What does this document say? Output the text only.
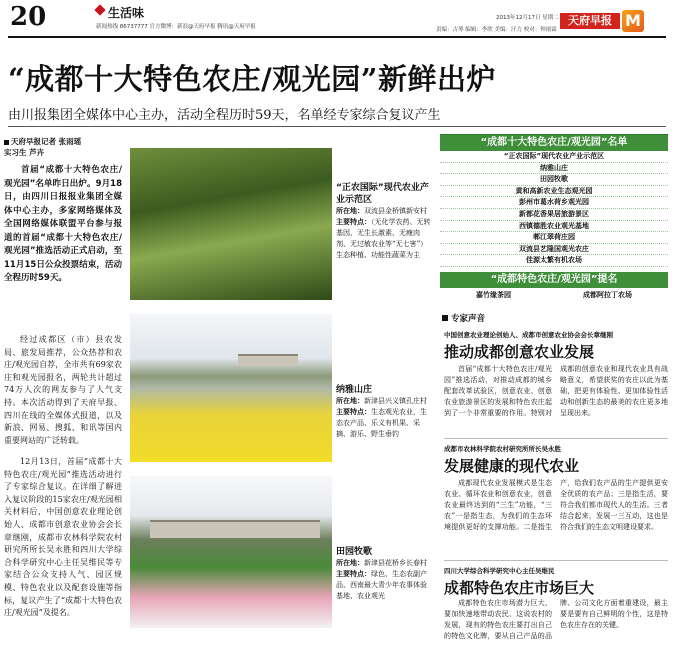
20	生活味
新闻热线 86737777 官方微博：新浪@天府早报 腾讯@天府早报
2013年12月17日 星期二
责编：古琴 编辑：李欣 美编：汗力 校对：钟雨霖
天府早报 M
“成都十大特色农庄/观光园”新鲜出炉
由川报集团全媒体中心主办，活动全程历时59天，名单经专家综合复议产生
天府早报记者 张雨瑶
实习生 芦卉
首届“成都十大特色农庄/观光园”名单昨日出炉。9月18日，由四川日报报业集团全媒体中心主办，多家网络媒体及全国网络媒体联盟平台参与报道的首届“成都十大特色农庄/观光园”推选活动正式启动，至11月15日公众投票结束，活动全程历时59天。
经过成都区（市）县农发局、旅发局推荐，公众热荐和农庄/观光园自荐，全市共有69家农庄和观光园报名，两轮共计超过74万人次的网友参与了人气支持。本次活动得到了天府早报、四川在线的全媒体式报道，以及新浪、网易、搜狐、和讯等国内重要网站的广泛转载。
12月13日，首届“成都十大特色农庄/观光园”推选活动进行了专家综合复议。在详细了解进入复议阶段的15家农庄/观光园相关材料后，中国创意农业理论创始人、成都市创意农业协会会长章继刚，成都市农林科学院农村研究所所长吴永胜和四川大学综合科学研究中心主任吴维民等专家结合公众支持人气、园区规模、特色农业以及配套设施等指标，复议产生了“成都十大特色农庄/观光园”及提名。
“正农国际”现代农业产业示范区
所在地：双流县金桥镇新安村
主要特点：（无化学农药、无转基因、无生长激素、无瘦肉剂、无过敏农业等“无七害”）生态种植、功能性蔬菜为主
纳雅山庄
所在地：新津县兴义镇孔庄村
主要特点：生态观光农业，生态农产品、乐义有机果、采摘、游乐、野生垂钓
田园牧歌
所在地：新津县花桥乡长春村
主要特点：绿色、生态农副产品、西南最大青少年农事体验基地、农业观光
“成都十大特色农庄/观光园”名单
“正农国际”现代农业产业示范区
纳雅山庄
田园牧歌
黄和高新农业生态观光园
彭州市葛水荷乡观光园
新都花香果居旅游景区
西镇德胜农业观光基地
郫江翠荷庄园
双流县艺隆国观光农庄
佳源太繁有机农场
“成都特色农庄/观光园”提名
嘉竹缘茶园	成都阿拉丁农场
专家声音
中国创意农业理论创始人、成都市创意农业协会会长章继刚
推动成都创意农业发展
首届“成都十大特色农庄/观光园”推选活动，对推动成都的城乡配套改革试验区，创意农业、创意农业旅游景区的发展和特色农庄起到了一个非常重要的作用。特别对成都的创意农业和现代农业具有战略意义，希望获奖的农庄以此为基础，把更有体验性、更加体验性活动和创新生态的最美的农庄更多地呈现出来。
成都市农林科学院农村研究所所长吴永胜
发展健康的现代农业
成都现代农业发展模式是生态农业、循环农业和创意农业，创意农业最终达到的“三生”功能，“三农”一是指生态，为我们的生态环境提供更好的支撑功能。二是指生产，给我们农产品的生产提供更安全优质的农产品；三是指生活，要符合我们都市现代人的生活。三者结合起来，发展一三互动，这也是符合我们的生态文明建设要求。
四川大学综合科学研究中心主任吴维民
成都特色农庄市场巨大
成都特色农庄市场潜力巨大，要加快速地带动农民、这说农村的发展，现有的特色农庄要打出自己的特色文化牌，要从自己产品的品牌、公司文化方面着重建设，最主要是要有自己鲜明的个性，这是特色农庄存在的关键。
